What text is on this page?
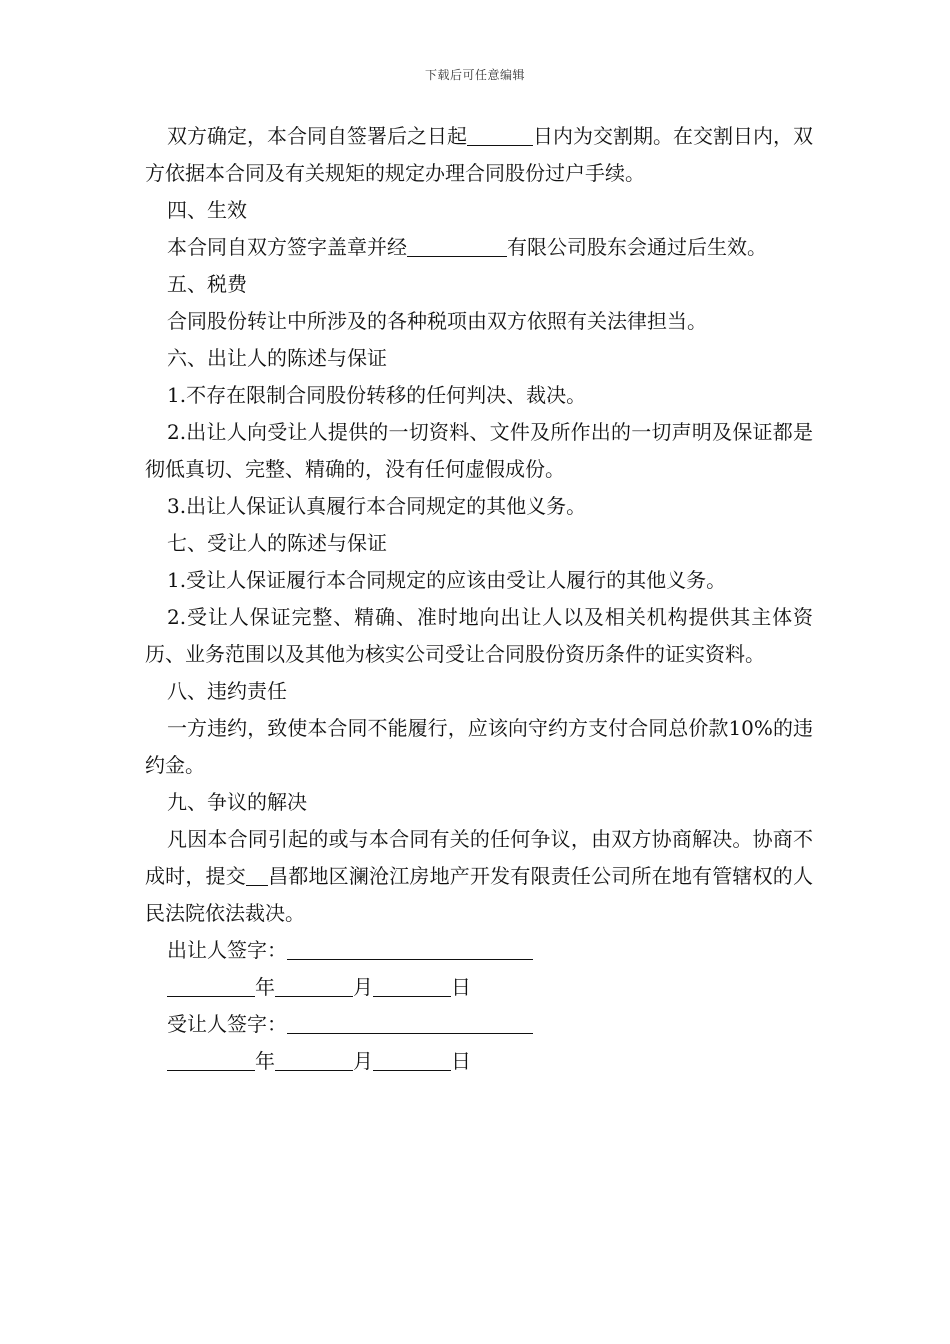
下载后可任意编辑

双方确定，本合同自签署后之日起	日内为交割期。在交割日内，双方依据本合同及有关规矩的规定办理合同股份过户手续。

四、生效

本合同自双方签字盖章并经	有限公司股东会通过后生效。

五、税费

合同股份转让中所涉及的各种税项由双方依照有关法律担当。

六、出让人的陈述与保证

1.不存在限制合同股份转移的任何判决、裁决。

2.出让人向受让人提供的一切资料、文件及所作出的一切声明及保证都是彻低真切、完整、精确的，没有任何虚假成份。

3.出让人保证认真履行本合同规定的其他义务。

七、受让人的陈述与保证

1.受让人保证履行本合同规定的应该由受让人履行的其他义务。

2.受让人保证完整、精确、准时地向出让人以及相关机构提供其主体资历、业务范围以及其他为核实公司受让合同股份资历条件的证实资料。

八、违约责任

一方违约，致使本合同不能履行，应该向守约方支付合同总价款10%的违约金。

九、争议的解决

凡因本合同引起的或与本合同有关的任何争议，由双方协商解决。协商不成时，提交 昌都地区澜沧江房地产开发有限责任公司所在地有管辖权的人民法院依法裁决。

出让人签字：

年	月	日

受让人签字：

年	月	日
